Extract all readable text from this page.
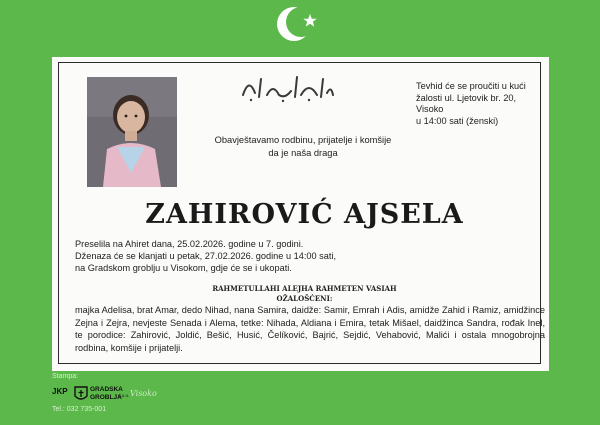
Tevhid će se proučiti u kući
žalosti ul. Ljetovik br. 20, Visoko
u 14:00 sati (ženski)
Obavještavamo rodbinu, prijatelje i komšije
da je naša draga
ZAHIROVIĆ AJSELA
Preselila na Ahiret dana, 25.02.2026. godine u 7. godini.
Dženaza će se klanjati u petak, 27.02.2026. godine u 14:00 sati,
na Gradskom groblju u Visokom, gdje će se i ukopati.
RAHMETULLAHI ALEJHA RAHMETEN VASIAH
OŽALOŠĆENI:
majka Adelisa, brat Amar, dedo Nihad, nana Samira, daidže: Samir, Emrah i Adis, amidže Zahid i Ramiz, amidžince Zejna i Zejra, nevjeste Senada i Alema, tetke: Nihada, Aldiana i Emira, tetak Mišael, daidžinca Sandra, rođak Inel, te porodice: Zahirović, Joldić, Bešić, Husić, Čelíković, Bajrić, Sejdić, Vehabović, Malići i ostala mnogobrojna rodbina, komšije i prijatelji.
Stampa:
JKP	GRADSKA
GROBLJA
d.o.o. Visoko
Tel.: 032 735-001
